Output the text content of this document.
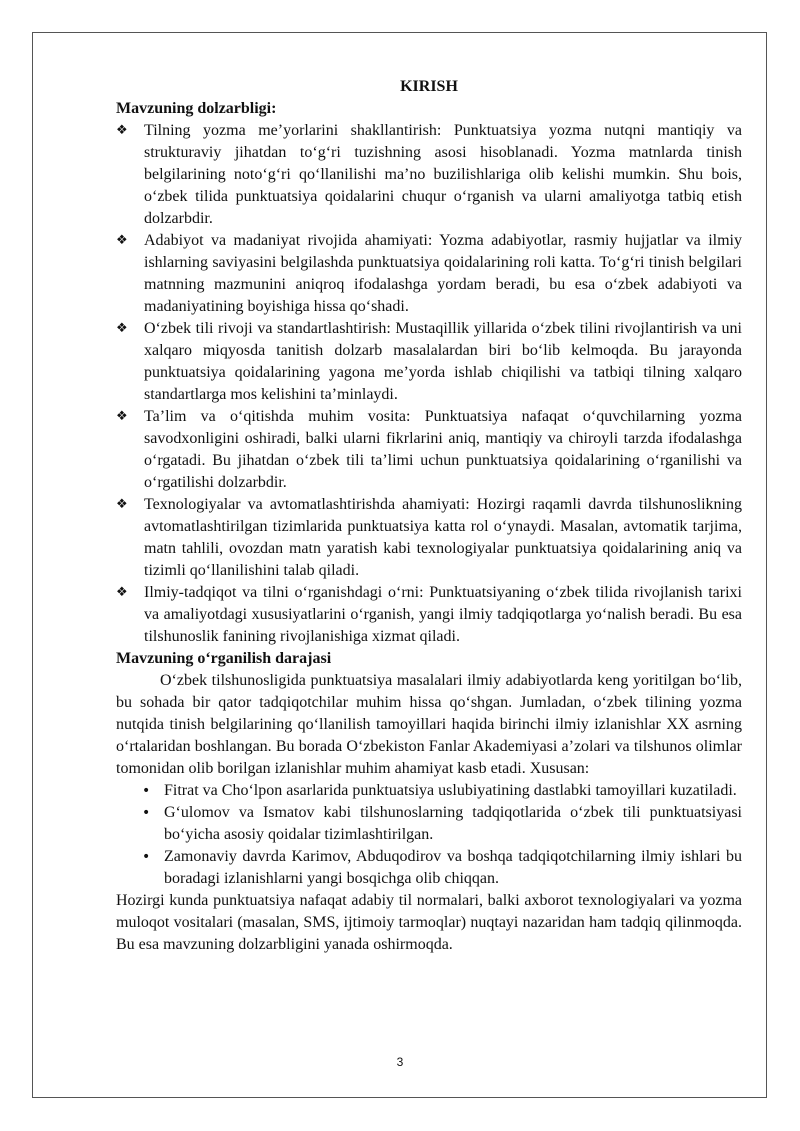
KIRISH

Mavzuning dolzarbligi:

❖	Tilning yozma me’yorlarini shakllantirish: Punktuatsiya yozma nutqni mantiqiy va strukturaviy jihatdan to‘g‘ri tuzishning asosi hisoblanadi. Yozma matnlarda tinish belgilarining noto‘g‘ri qo‘llanilishi ma’no buzilishlariga olib kelishi mumkin. Shu bois, o‘zbek tilida punktuatsiya qoidalarini chuqur o‘rganish va ularni amaliyotga tatbiq etish dolzarbdir.
❖	Adabiyot va madaniyat rivojida ahamiyati: Yozma adabiyotlar, rasmiy hujjatlar va ilmiy ishlarning saviyasini belgilashda punktuatsiya qoidalarining roli katta. To‘g‘ri tinish belgilari matnning mazmunini aniqroq ifodalashga yordam beradi, bu esa o‘zbek adabiyoti va madaniyatining boyishiga hissa qo‘shadi.
❖	O‘zbek tili rivoji va standartlashtirish: Mustaqillik yillarida o‘zbek tilini rivojlantirish va uni xalqaro miqyosda tanitish dolzarb masalalardan biri bo‘lib kelmoqda. Bu jarayonda punktuatsiya qoidalarining yagona me’yorda ishlab chiqilishi va tatbiqi tilning xalqaro standartlarga mos kelishini ta’minlaydi.
❖	Ta’lim va o‘qitishda muhim vosita: Punktuatsiya nafaqat o‘quvchilarning yozma savodxonligini oshiradi, balki ularni fikrlarini aniq, mantiqiy va chiroyli tarzda ifodalashga o‘rgatadi. Bu jihatdan o‘zbek tili ta’limi uchun punktuatsiya qoidalarining o‘rganilishi va o‘rgatilishi dolzarbdir.
❖	Texnologiyalar va avtomatlashtirishda ahamiyati: Hozirgi raqamli davrda tilshunoslikning avtomatlashtirilgan tizimlarida punktuatsiya katta rol o‘ynaydi. Masalan, avtomatik tarjima, matn tahlili, ovozdan matn yaratish kabi texnologiyalar punktuatsiya qoidalarining aniq va tizimli qo‘llanilishini talab qiladi.
❖	Ilmiy-tadqiqot va tilni o‘rganishdagi o‘rni: Punktuatsiyaning o‘zbek tilida rivojlanish tarixi va amaliyotdagi xususiyatlarini o‘rganish, yangi ilmiy tadqiqotlarga yo‘nalish beradi. Bu esa tilshunoslik fanining rivojlanishiga xizmat qiladi.

Mavzuning o‘rganilish darajasi

O‘zbek tilshunosligida punktuatsiya masalalari ilmiy adabiyotlarda keng yoritilgan bo‘lib, bu sohada bir qator tadqiqotchilar muhim hissa qo‘shgan. Jumladan, o‘zbek tilining yozma nutqida tinish belgilarining qo‘llanilish tamoyillari haqida birinchi ilmiy izlanishlar XX asrning o‘rtalaridan boshlangan. Bu borada O‘zbekiston Fanlar Akademiyasi a’zolari va tilshunos olimlar tomonidan olib borilgan izlanishlar muhim ahamiyat kasb etadi. Xususan:

• Fitrat va Cho‘lpon asarlarida punktuatsiya uslubiyatining dastlabki tamoyillari kuzatiladi.
• G‘ulomov va Ismatov kabi tilshunoslarning tadqiqotlarida o‘zbek tili punktuatsiyasi bo‘yicha asosiy qoidalar tizimlashtirilgan.
• Zamonaviy davrda Karimov, Abduqodirov va boshqa tadqiqotchilarning ilmiy ishlari bu boradagi izlanishlarni yangi bosqichga olib chiqqan.

Hozirgi kunda punktuatsiya nafaqat adabiy til normalari, balki axborot texnologiyalari va yozma muloqot vositalari (masalan, SMS, ijtimoiy tarmoqlar) nuqtayi nazaridan ham tadqiq qilinmoqda. Bu esa mavzuning dolzarbligini yanada oshirmoqda.

3
